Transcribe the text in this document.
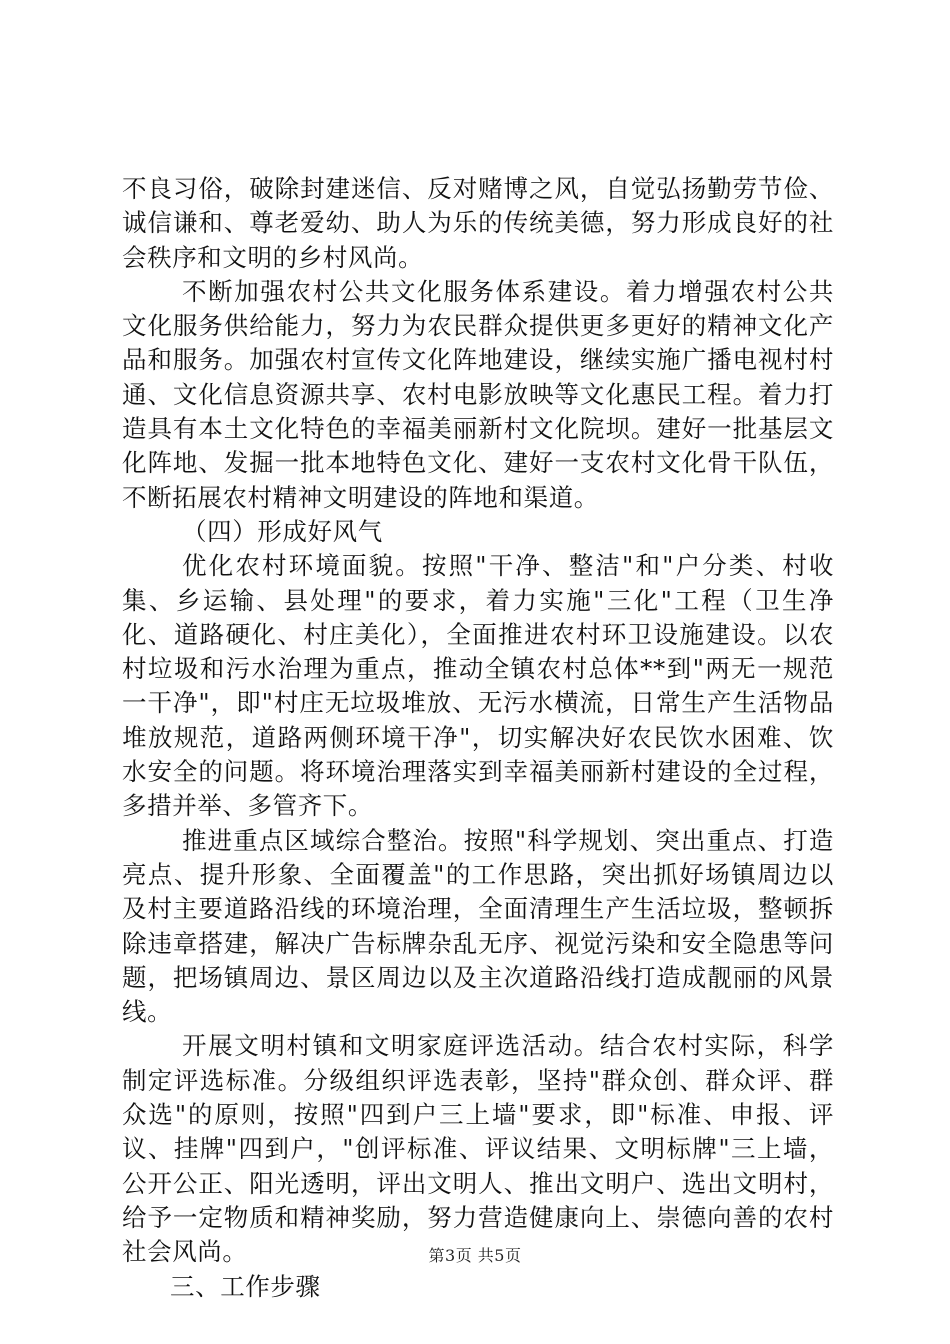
不良习俗，破除封建迷信、反对赌博之风，自觉弘扬勤劳节俭、诚信谦和、尊老爱幼、助人为乐的传统美德，努力形成良好的社会秩序和文明的乡村风尚。

不断加强农村公共文化服务体系建设。着力增强农村公共文化服务供给能力，努力为农民群众提供更多更好的精神文化产品和服务。加强农村宣传文化阵地建设，继续实施广播电视村村通、文化信息资源共享、农村电影放映等文化惠民工程。着力打造具有本土文化特色的幸福美丽新村文化院坝。建好一批基层文化阵地、发掘一批本地特色文化、建好一支农村文化骨干队伍，不断拓展农村精神文明建设的阵地和渠道。

（四）形成好风气

优化农村环境面貌。按照"干净、整洁"和"户分类、村收集、乡运输、县处理"的要求，着力实施"三化"工程（卫生净化、道路硬化、村庄美化），全面推进农村环卫设施建设。以农村垃圾和污水治理为重点，推动全镇农村总体**到"两无一规范一干净"，即"村庄无垃圾堆放、无污水横流，日常生产生活物品堆放规范，道路两侧环境干净"，切实解决好农民饮水困难、饮水安全的问题。将环境治理落实到幸福美丽新村建设的全过程，多措并举、多管齐下。

推进重点区域综合整治。按照"科学规划、突出重点、打造亮点、提升形象、全面覆盖"的工作思路，突出抓好场镇周边以及村主要道路沿线的环境治理，全面清理生产生活垃圾，整顿拆除违章搭建，解决广告标牌杂乱无序、视觉污染和安全隐患等问题，把场镇周边、景区周边以及主次道路沿线打造成靓丽的风景线。

开展文明村镇和文明家庭评选活动。结合农村实际，科学制定评选标准。分级组织评选表彰，坚持"群众创、群众评、群众选"的原则，按照"四到户三上墙"要求，即"标准、申报、评议、挂牌"四到户，"创评标准、评议结果、文明标牌"三上墙，公开公正、阳光透明，评出文明人、推出文明户、选出文明村，给予一定物质和精神奖励，努力营造健康向上、崇德向善的农村社会风尚。

三、工作步骤

第3页 共5页
